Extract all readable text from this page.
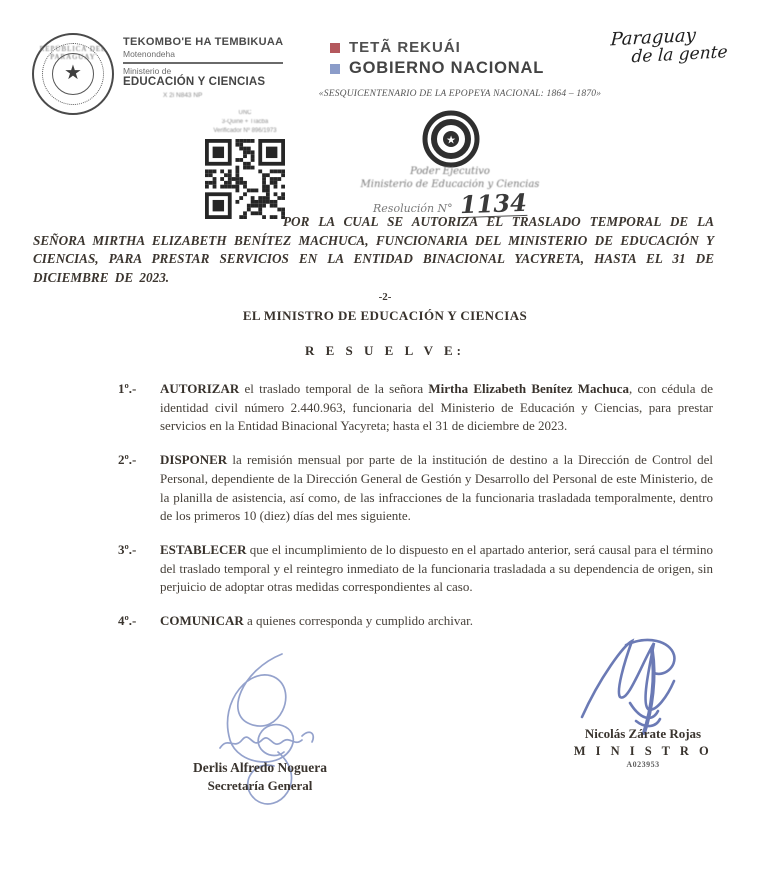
REPÚBLICA DEL PARAGUAY
★
TEKOMBO'E HA TEMBIKUAA
Motenondeha
Ministerio de
EDUCACIÓN Y CIENCIAS
X 2i N843 NP
TETÃ REKUÁI
GOBIERNO NACIONAL
Paraguay
de la gente
«SESQUICENTENARIO DE LA EPOPEYA NACIONAL: 1864 – 1870»
UNC
3-Quiñe + Tïacba
Verificador Nº 896/1973
★
Poder Ejecutivo
Ministerio de Educación y Ciencias
Resolución N° 1134

POR LA CUAL SE AUTORIZA EL TRASLADO TEMPORAL DE LA SEÑORA MIRTHA ELIZABETH BENÍTEZ MACHUCA, FUNCIONARIA DEL MINISTERIO DE EDUCACIÓN Y CIENCIAS, PARA PRESTAR SERVICIOS EN LA ENTIDAD BINACIONAL YACYRETA, HASTA EL 31 DE DICIEMBRE DE 2023.

-2-
EL MINISTRO DE EDUCACIÓN Y CIENCIAS
R E S U E L V E:
1º.-	AUTORIZAR el traslado temporal de la señora Mirtha Elizabeth Benítez Machuca, con cédula de identidad civil número 2.440.963, funcionaria del Ministerio de Educación y Ciencias, para prestar servicios en la Entidad Binacional Yacyreta; hasta el 31 de diciembre de 2023.
2º.-	DISPONER la remisión mensual por parte de la institución de destino a la Dirección de Control del Personal, dependiente de la Dirección General de Gestión y Desarrollo del Personal de este Ministerio, de la planilla de asistencia, así como, de las infracciones de la funcionaria trasladada temporalmente, dentro de los primeros 10 (diez) días del mes siguiente.
3º.-	ESTABLECER que el incumplimiento de lo dispuesto en el apartado anterior, será causal para el término del traslado temporal y el reintegro inmediato de la funcionaria trasladada a su dependencia de origen, sin perjuicio de adoptar otras medidas correspondientes al caso.
4º.-	COMUNICAR a quienes corresponda y cumplido archivar.
Derlis Alfredo Noguera
Secretaría General
Nicolás Zárate Rojas
M I N I S T R O
A023953
